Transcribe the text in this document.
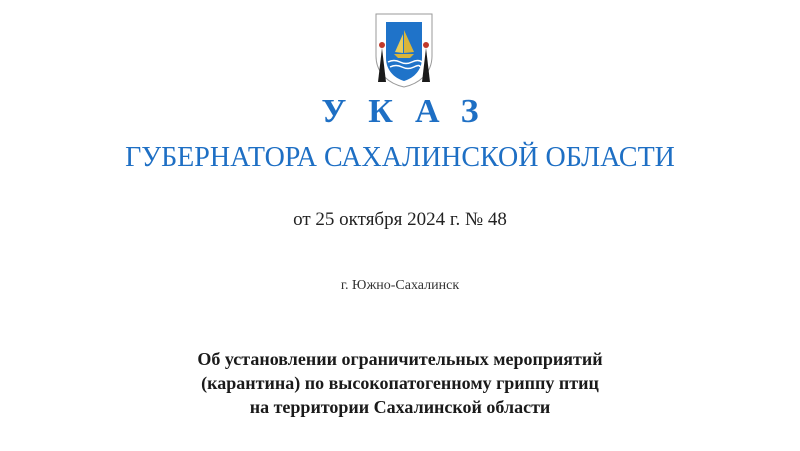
УКАЗ
ГУБЕРНАТОРА САХАЛИНСКОЙ ОБЛАСТИ
от 25 октября 2024 г. № 48
г. Южно-Сахалинск
Об установлении ограничительных мероприятий
(карантина) по высокопатогенному гриппу птиц
на территории Сахалинской области
